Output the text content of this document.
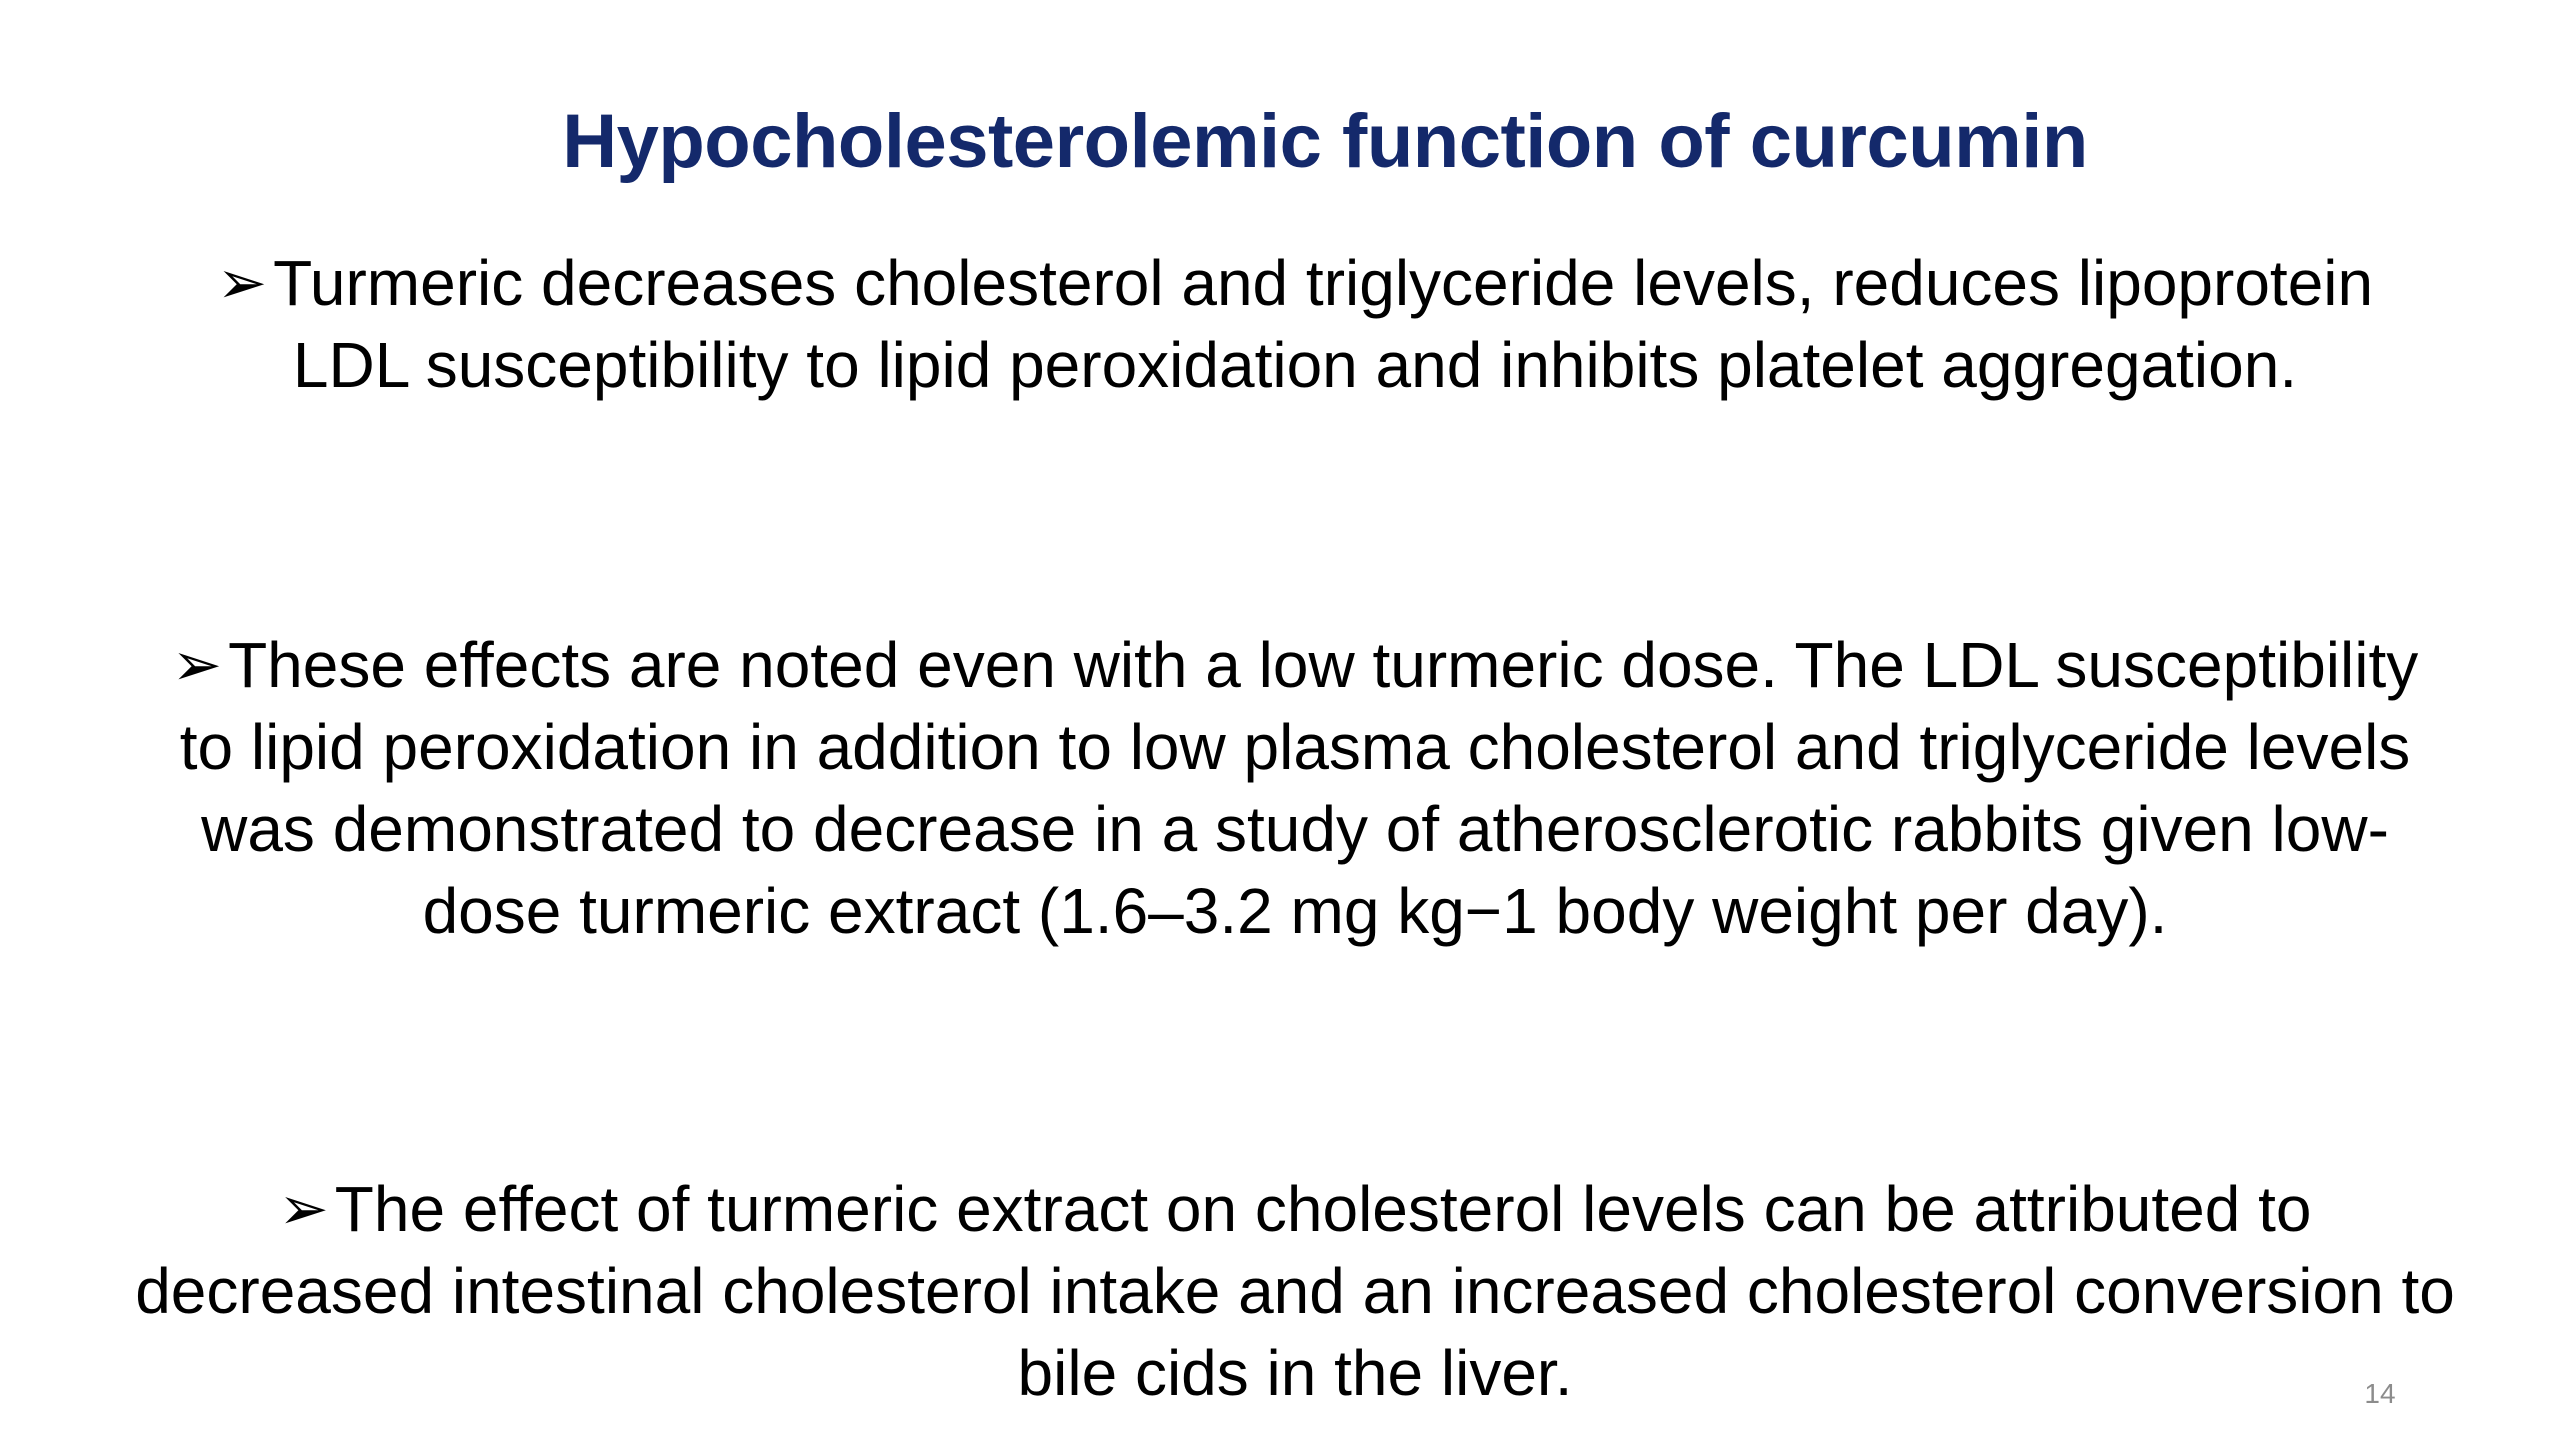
Hypocholesterolemic function of curcumin
➢Turmeric decreases cholesterol and triglyceride levels, reduces lipoprotein LDL susceptibility to lipid peroxidation and inhibits platelet aggregation.
➢These effects are noted even with a low turmeric dose. The LDL susceptibility to lipid peroxidation in addition to low plasma cholesterol and triglyceride levels was demonstrated to decrease in a study of atherosclerotic rabbits given low-dose turmeric extract (1.6–3.2 mg kg−1 body weight per day).
➢The effect of turmeric extract on cholesterol levels can be attributed to decreased intestinal cholesterol intake and an increased cholesterol conversion to bile cids in the liver.	14
